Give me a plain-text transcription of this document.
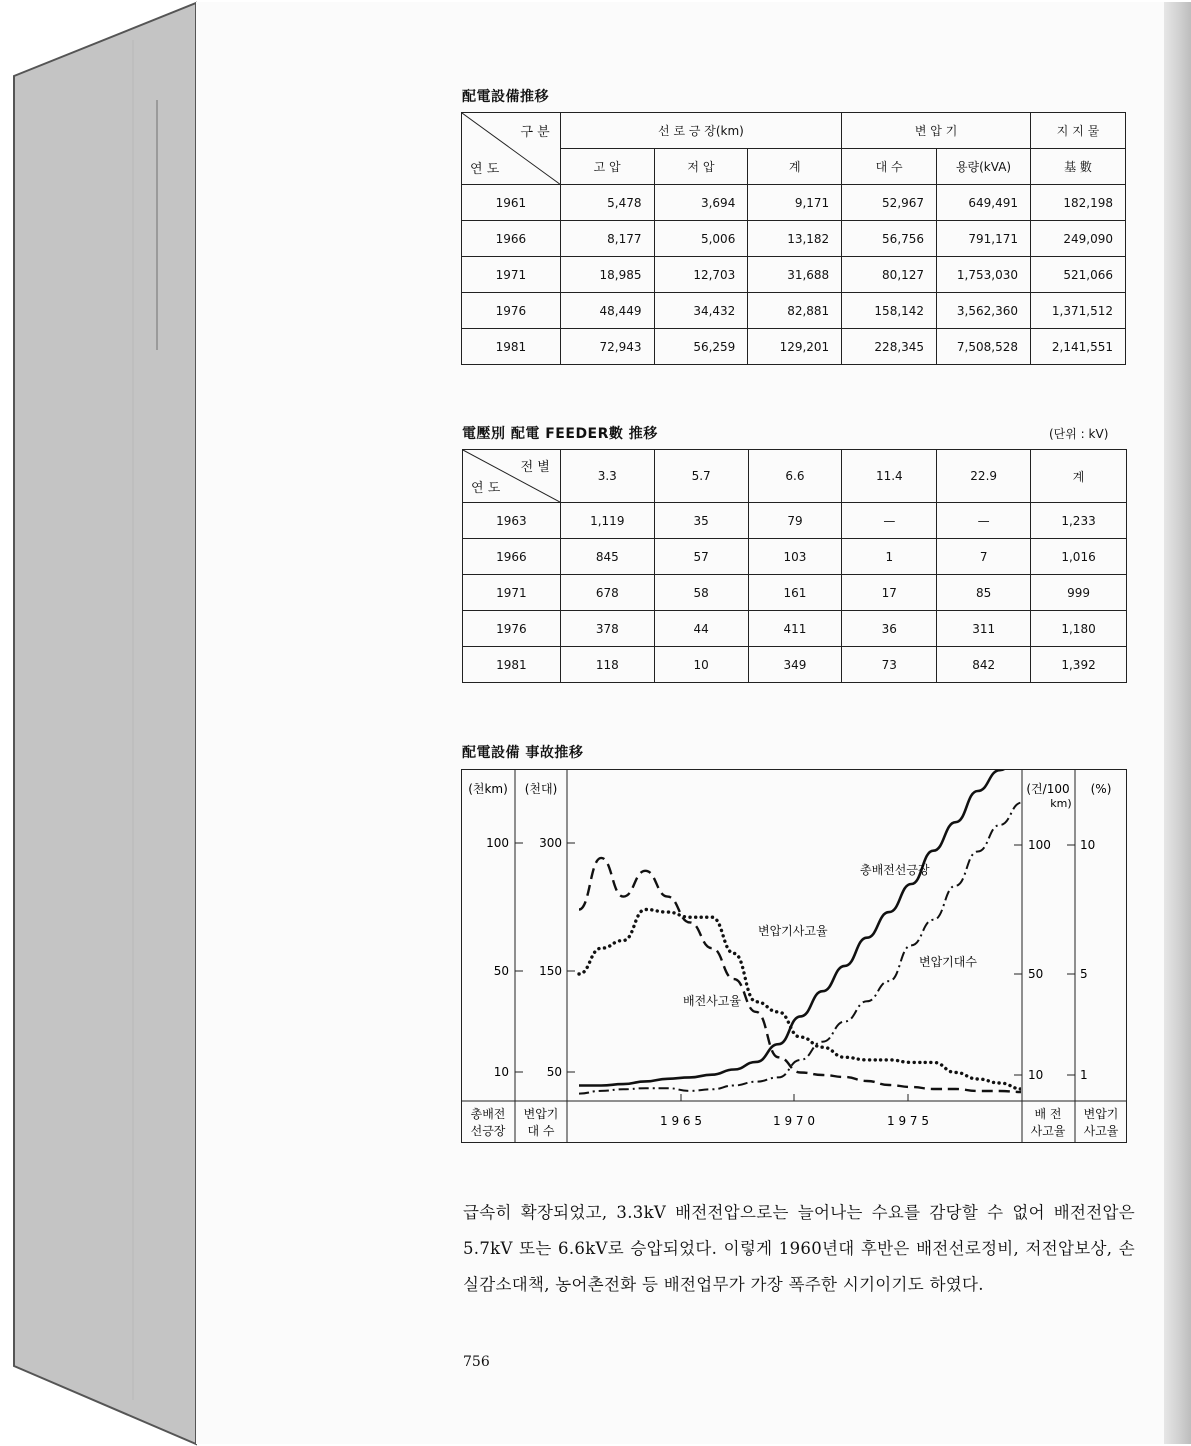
配電設備推移
구 분
연 도	선 로 긍 장(km)			변 압 기		지 지 물
	고 압	저 압	계	대 수	용량(kVA)	基 數
1961	5,478	3,694	9,171	52,967	649,491	182,198
1966	8,177	5,006	13,182	56,756	791,171	249,090
1971	18,985	12,703	31,688	80,127	1,753,030	521,066
1976	48,449	34,432	82,881	158,142	3,562,360	1,371,512
1981	72,943	56,259	129,201	228,345	7,508,528	2,141,551
電壓別 配電 FEEDER數 推移	(단위 : kV)
전 별
연 도	3.3	5.7	6.6	11.4	22.9	계
1963	1,119	35	79	—	—	1,233
1966	845	57	103	1	7	1,016
1971	678	58	161	17	85	999
1976	378	44	411	36	311	1,180
1981	118	10	349	73	842	1,392
配電設備 事故推移
(천km) (천대)	(건/100
km)
(%)
100
50
10
300
150
50
100
50
10
10
5
1
1 9 6 5	1 9 7 0	1 9 7 5
총배전
선긍장
변압기
대 수
배 전
사고율
변압기
사고율
총배전선긍장
변압기대수
변압기사고율
배전사고율
급속히 확장되었고, 3.3kV 배전전압으로는 늘어나는 수요를 감당할 수 없어 배전전압은 5.7kV 또는 6.6kV로 승압되었다. 이렇게 1960년대 후반은 배전선로정비, 저전압보상, 손실감소대책, 농어촌전화 등 배전업무가 가장 폭주한 시기이기도 하였다.
756
